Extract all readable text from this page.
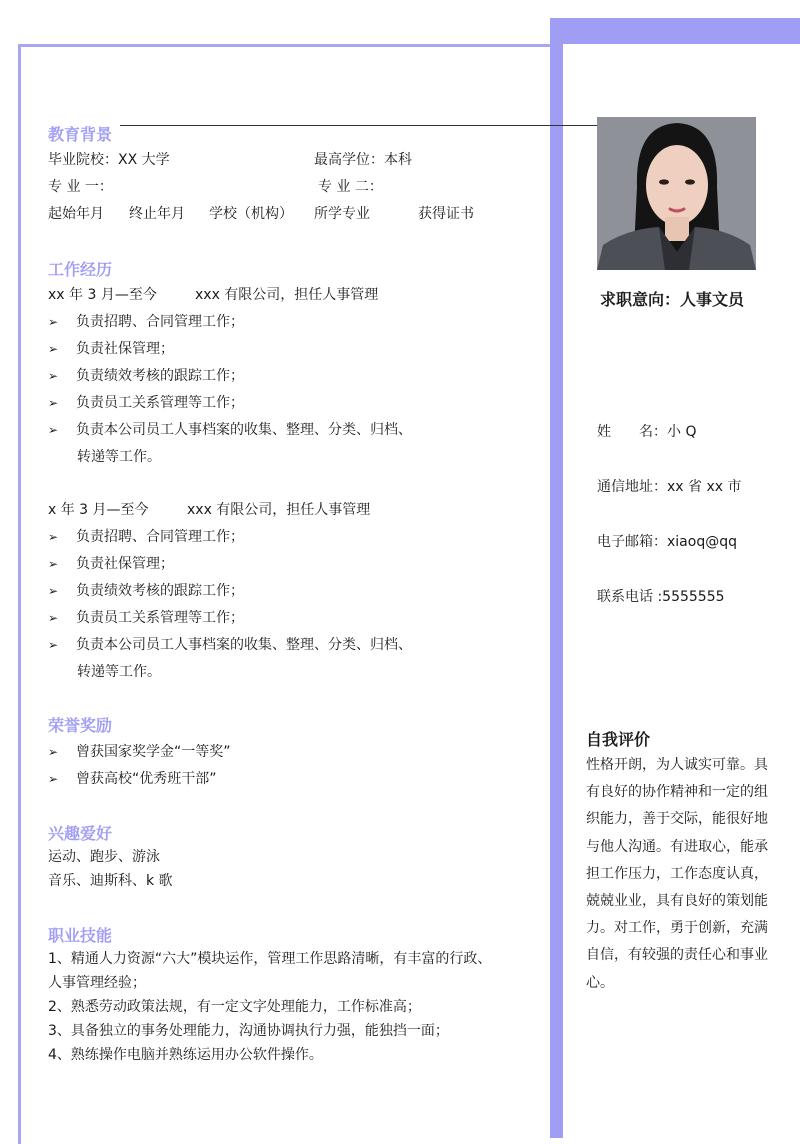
教育背景
毕业院校：XX 大学	最高学位：本科
专 业 一：	专 业 二：
起始年月 终止年月 学校（机构） 所学专业	获得证书
工作经历
xx 年 3 月—至今	xxx 有限公司，担任人事管理
➢ 负责招聘、合同管理工作；
➢ 负责社保管理；
➢ 负责绩效考核的跟踪工作；
➢ 负责员工关系管理等工作；
➢ 负责本公司员工人事档案的收集、整理、分类、归档、
转递等工作。
x 年 3 月—至今	xxx 有限公司，担任人事管理
➢ 负责招聘、合同管理工作；
➢ 负责社保管理；
➢ 负责绩效考核的跟踪工作；
➢ 负责员工关系管理等工作；
➢ 负责本公司员工人事档案的收集、整理、分类、归档、
转递等工作。
荣誉奖励
➢ 曾获国家奖学金“一等奖”
➢ 曾获高校“优秀班干部”
兴趣爱好
运动、跑步、游泳
音乐、迪斯科、k 歌
职业技能
1、精通人力资源“六大”模块运作，管理工作思路清晰，有丰富的行政、
人事管理经验；
2、熟悉劳动政策法规，有一定文字处理能力，工作标准高；
3、具备独立的事务处理能力，沟通协调执行力强，能独挡一面；
4、熟练操作电脑并熟练运用办公软件操作。
求职意向：人事文员
姓　　名：小 Q
通信地址：xx 省 xx 市
电子邮箱：xiaoq@qq
联系电话 :5555555
自我评价
性格开朗，为人诚实可靠。具有良好的协作精神和一定的组织能力，善于交际，能很好地与他人沟通。有进取心，能承担工作压力，工作态度认真，兢兢业业，具有良好的策划能力。对工作，勇于创新，充满自信，有较强的责任心和事业心。
